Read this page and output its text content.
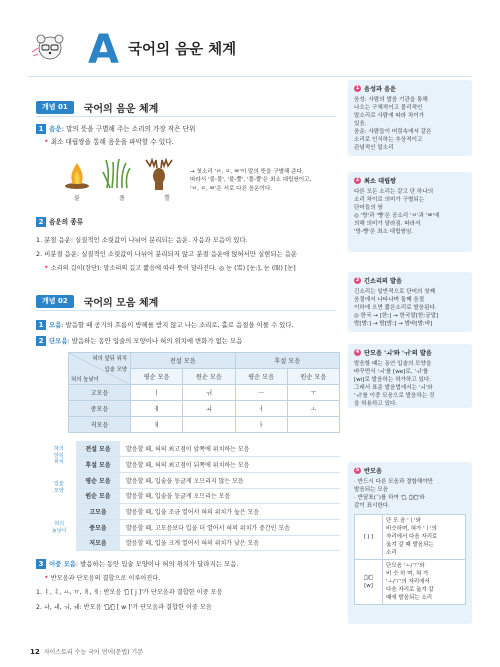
A 국어의 음운 체계
개념 01	국어의 음운 체계
1 음운: 말의 뜻을 구별해 주는 소리의 가장 작은 단위
• 최소 대립쌍을 통해 음운을 파악할 수 있다.
불	풀	뿔
→ 첫소리 'ㅂ, ㅍ, ㅃ'이 말의 뜻을 구별해 준다.
따라서 '불-풀', '불-뿔', '풀-뿔'은 최소 대립쌍이고,
'ㅂ, ㅍ, ㅃ'은 서로 다른 음운이다.
2 음운의 종류
1. 분절 음운: 실질적인 소릿값이 나뉘어 분리되는 음운. 자음과 모음이 있다.
2. 비분절 음운: 실질적인 소릿값이 나뉘어 분리되지 않고 분절 음운에 얹혀서만 실현되는 음운
• 소리의 길이(장단): 말소리의 길고 짧음에 따라 뜻이 달라진다. ◎ 눈 (雪) [눈:], 눈 (眼) [눈]
개념 02	국어의 모음 체계
1 모음: 발음할 때 공기의 흐름이 방해를 받지 않고 나는 소리로, 홀로 음절을 이룰 수 있다.
2 단모음: 발음하는 동안 입술의 모양이나 혀의 위치에 변화가 없는 모음
혀의 앞뒤 위치
입술 모양
혀의 높낮이	전설 모음		후설 모음	
	평순 모음	원순 모음	평순 모음	원순 모음
고모음	ㅣ	ㅟ	ㅡ	ㅜ
중모음	ㅔ	ㅚ	ㅓ	ㅗ
저모음	ㅐ		ㅏ	
혀의
앞뒤
위치
입술
모양
혀의
높낮이
전설 모음	발음할 때, 혀의 최고점이 앞쪽에 위치하는 모음
후설 모음	발음할 때, 혀의 최고점이 뒤쪽에 위치하는 모음
평순 모음	발음할 때, 입술을 둥글게 오므리지 않는 모음
원순 모음	발음할 때, 입술을 둥글게 오므리는 모음
고모음	발음할 때, 입을 조금 열어서 혀의 위치가 높은 모음
중모음	발음할 때, 고모음보다 입을 더 열어서 혀의 위치가 중간인 모음
저모음	발음할 때, 입을 크게 열어서 혀의 위치가 낮은 모음
3 이중 모음: 발음하는 동안 입술 모양이나 혀의 위치가 달라지는 모음.
• 반모음과 단모음의 결합으로 이루어진다.
1. ㅑ, ㅕ, ㅛ, ㅠ, ㅒ, ㅖ: 반모음 'ㅣ̆ [ j ]'가 단모음과 결합한 이중 모음
2. ㅘ, ㅙ, ㅝ, ㅞ: 반모음 'ㅗ̆/ㅜ̆ [ w ]'가 단모음과 결합한 이중 모음
1 음성과 음운
음성: 사람의 발음 기관을 통해
나오는 구체적이고 물리적인
말소리로 사람에 따라 차이가
있음.
음운: 사람들이 머릿속에서 같은
소리로 인식하는 추상적이고
관념적인 말소리
2 최소 대립쌍
다른 모든 소리는 같고 단 하나의
소리 차이로 의미가 구별되는
단어들의 쌍
◎ '방'과 '빵'은 공소리 'ㅂ'과 'ㅃ'에
의해 의미가 달라짐. 따라서
'방-빵'은 최소 대립쌍임.
3 긴소리의 발음
긴소리는 일반적으로 단어의 첫째
음절에서 나타나며 둘째 음절
이하에 오면 짧은소리로 발음된다.
◎ 한국 → [한ː] → 한국말[한ː궁말]
밤[밤ː] → 밤[밤ː] → 밤바[밤ː바]
4 단모음 'ㅚ'와 'ㅟ'의 발음
발음할 때는 동안 입술의 모양을
바꾸면서 'ㅚ'를 [we]로, 'ㅟ'를
[wi]로 발음하는 허가하고 있다.
그래서 표준 발음법에서는 'ㅚ'와
'ㅟ'를 이중 모음으로 발음하는 것
을 허용하고 있다.
5 반모음
· 반드시 다른 모음과 결합해야만
발음되는 모음
· 반달표(˘)를 하여 'ㅣ̆, ㅗ̆/ㅜ̆'와
같이 표시한다.
[ j ]	단 모 음 'ㅣ'와
비슷하며, 혀가 'ㅣ'의
자리에서 다음 자리로
옮겨 갈 때 발음되는
소리
ㅗ̆/ㅜ̆
[w]	단모음 'ㅗ/ㅜ'와
비 슷 하 며, 혀 가
'ㅗ/ㅜ'의 자리에서
다음 자리로 옮겨 갈
때에 발음되는 소리
12 자이스토리 수능 국어 언어(문법) 기본
